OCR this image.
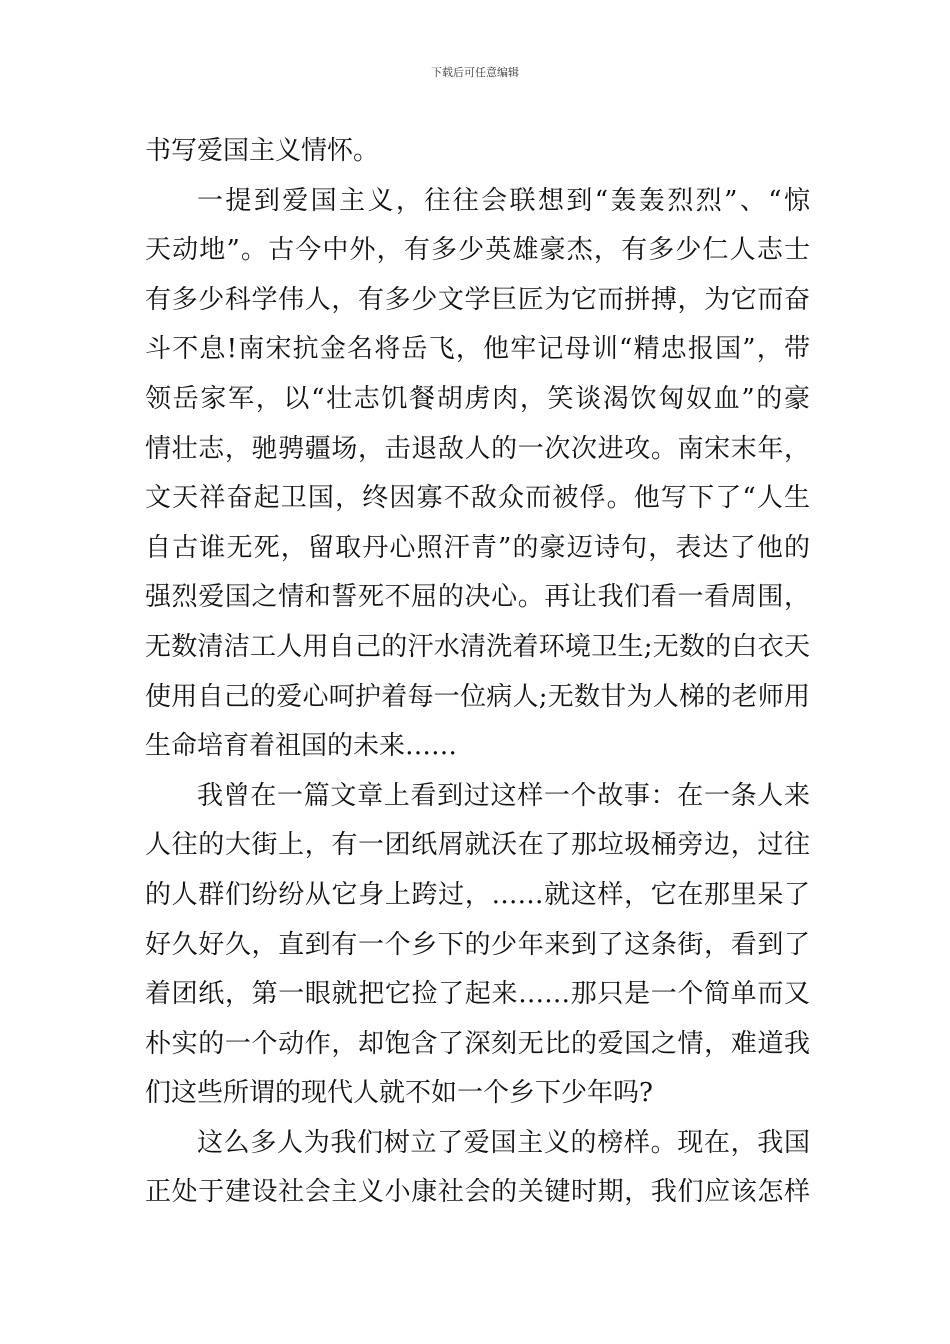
下载后可任意编辑
书写爱国主义情怀。
一提到爱国主义，往往会联想到“轰轰烈烈”、“惊
天动地”。古今中外，有多少英雄豪杰，有多少仁人志士
有多少科学伟人，有多少文学巨匠为它而拼搏，为它而奋
斗不息!南宋抗金名将岳飞，他牢记母训“精忠报国”，带
领岳家军，以“壮志饥餐胡虏肉，笑谈渴饮匈奴血”的豪
情壮志，驰骋疆场，击退敌人的一次次进攻。南宋末年，
文天祥奋起卫国，终因寡不敌众而被俘。他写下了“人生
自古谁无死，留取丹心照汗青”的豪迈诗句，表达了他的
强烈爱国之情和誓死不屈的决心。再让我们看一看周围，
无数清洁工人用自己的汗水清洗着环境卫生;无数的白衣天
使用自己的爱心呵护着每一位病人;无数甘为人梯的老师用
生命培育着祖国的未来……
我曾在一篇文章上看到过这样一个故事：在一条人来
人往的大街上，有一团纸屑就沃在了那垃圾桶旁边，过往
的人群们纷纷从它身上跨过，……就这样，它在那里呆了
好久好久，直到有一个乡下的少年来到了这条街，看到了
着团纸，第一眼就把它捡了起来……那只是一个简单而又
朴实的一个动作，却饱含了深刻无比的爱国之情，难道我
们这些所谓的现代人就不如一个乡下少年吗?
这么多人为我们树立了爱国主义的榜样。现在，我国
正处于建设社会主义小康社会的关键时期，我们应该怎样
